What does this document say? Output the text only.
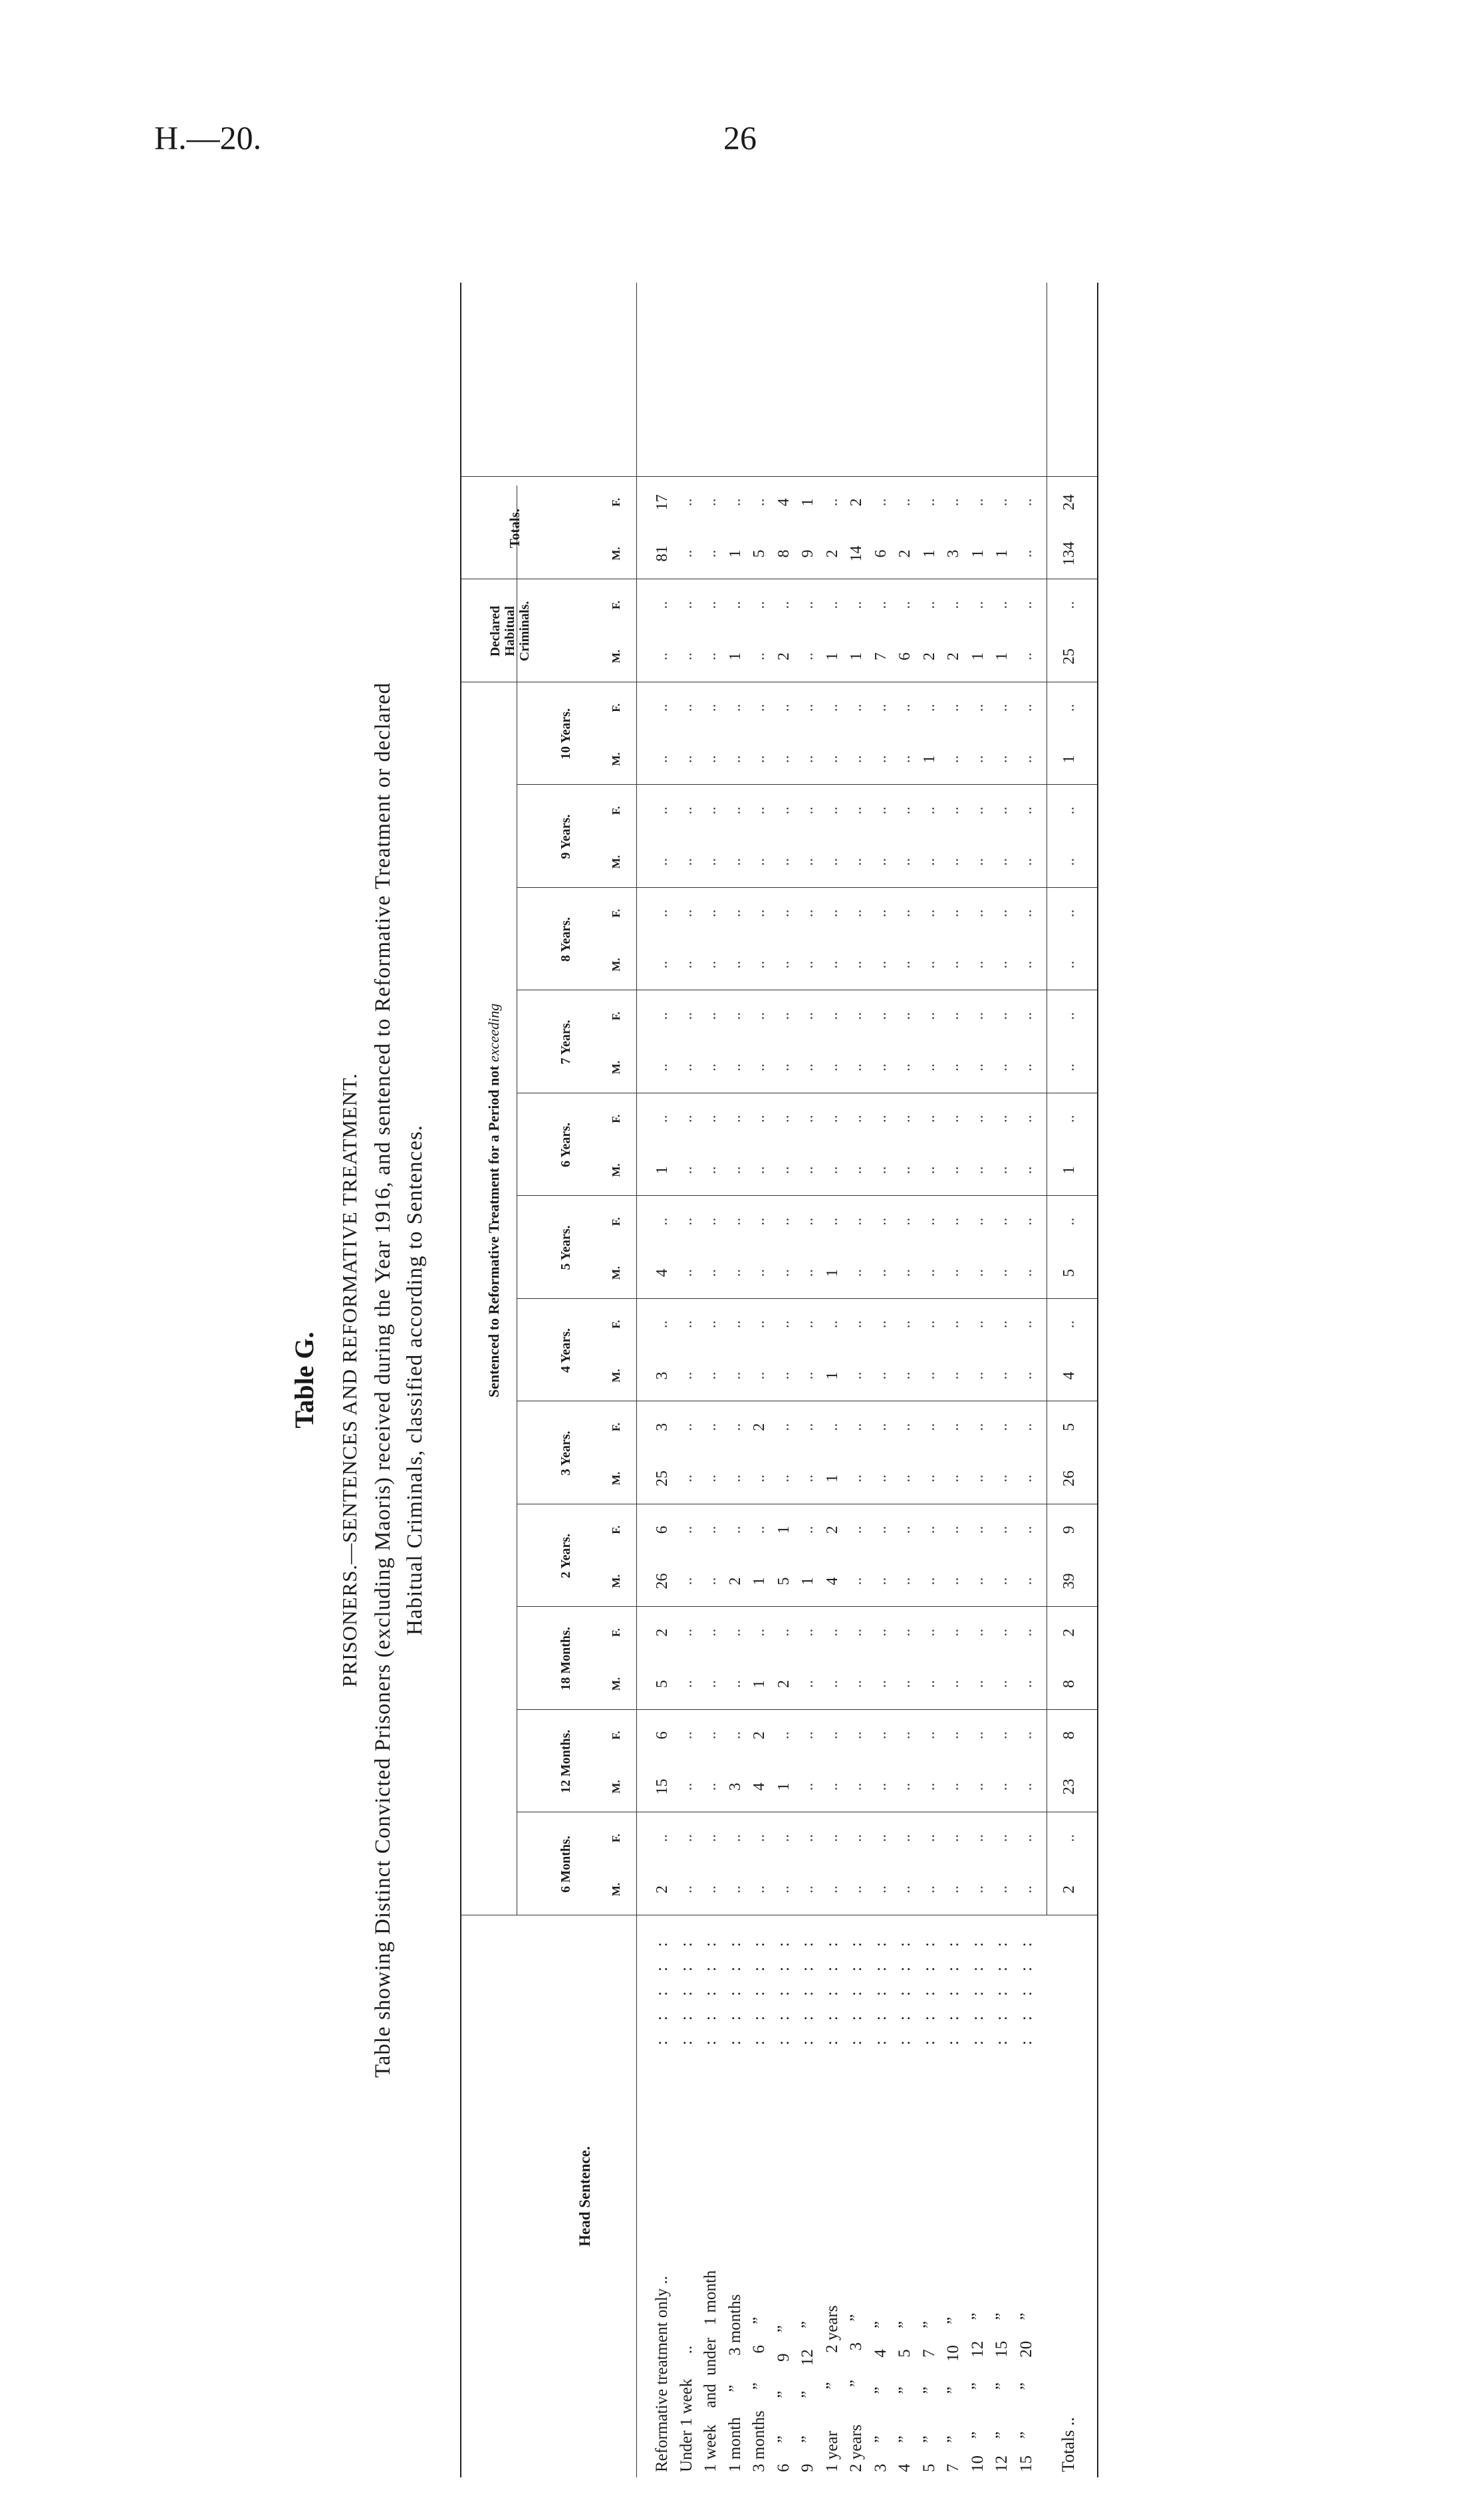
H.—20.	26
Table G. PRISONERS.—SENTENCES AND REFORMATIVE TREATMENT. Table showing Distinct Convicted Prisoners (excluding Maoris) received during the Year 1916, and sentenced to Reformative Treatment or declared Habitual Criminals, classified according to Sentences.
Head Sentence.
Sentenced to Reformative Treatment for a Period not exceeding
6 Months.
12 Months.
18 Months.
2 Years.
3 Years.
4 Years.
5 Years.
6 Years.
7 Years.
8 Years.
9 Years.
10 Years.
Declared Habitual Criminals.
Totals.
M.
F.
M.
F.
M.
F.
M.
F.
M.
F.
M.
F.
M.
F.
M.
F.
M.
F.
M.
F.
M.
F.
M.
F.
M.
F.
M.
F.
Reformative treatment only ..
:::::
2
..
15
6
5
2
26
6
25
3
3
..
4
..
1
..
..
..
..
..
..
..
..
..
..
..
81
17
Under 1 week      ..
:::::
..
..
..
..
..
..
..
..
..
..
..
..
..
..
..
..
..
..
..
..
..
..
..
..
..
..
..
..
1 week    and  under   1 month
:::::
..
..
..
..
..
..
..
..
..
..
..
..
..
..
..
..
..
..
..
..
..
..
..
..
..
..
..
..
1 month      ”       3 months
:::::
..
..
3
..
..
..
2
..
..
..
..
..
..
..
..
..
..
..
..
..
..
..
..
..
1
..
1
..
3 months     ”       6     ”
:::::
..
..
4
2
1
..
1
..
..
2
..
..
..
..
..
..
..
..
..
..
..
..
..
..
..
..
5
..
6     ”         ”       9     ”
:::::
..
..
1
..
2
..
5
1
..
..
..
..
..
..
..
..
..
..
..
..
..
..
..
..
2
..
8
4
9     ”         ”      12     ”
:::::
..
..
..
..
..
..
1
..
..
..
..
..
..
..
..
..
..
..
..
..
..
..
..
..
..
..
9
1
1 year          ”       2 years
:::::
..
..
..
..
..
..
4
2
1
..
1
..
1
..
..
..
..
..
..
..
..
..
..
..
1
..
2
..
2 years         ”       3     ”
:::::
..
..
..
..
..
..
..
..
..
..
..
..
..
..
..
..
..
..
..
..
..
..
..
..
1
..
14
2
3     ”          ”       4     ”
:::::
..
..
..
..
..
..
..
..
..
..
..
..
..
..
..
..
..
..
..
..
..
..
..
..
7
..
6
..
4     ”          ”       5     ”
:::::
..
..
..
..
..
..
..
..
..
..
..
..
..
..
..
..
..
..
..
..
..
..
..
..
6
..
2
..
5     ”          ”       7     ”
:::::
..
..
..
..
..
..
..
..
..
..
..
..
..
..
..
..
..
..
..
..
..
..
1
..
2
..
1
..
7     ”          ”      10     ”
:::::
..
..
..
..
..
..
..
..
..
..
..
..
..
..
..
..
..
..
..
..
..
..
..
..
2
..
3
..
10    ”          ”      12     ”
:::::
..
..
..
..
..
..
..
..
..
..
..
..
..
..
..
..
..
..
..
..
..
..
..
..
1
..
1
..
12    ”          ”      15     ”
:::::
..
..
..
..
..
..
..
..
..
..
..
..
..
..
..
..
..
..
..
..
..
..
..
..
1
..
1
..
15    ”          ”      20     ”
:::::
..
..
..
..
..
..
..
..
..
..
..
..
..
..
..
..
..
..
..
..
..
..
..
..
..
..
..
..
Totals ..
2
..
23
8
8
2
39
9
26
5
4
..
5
..
1
..
..
..
..
..
..
..
1
..
25
..
134
24
